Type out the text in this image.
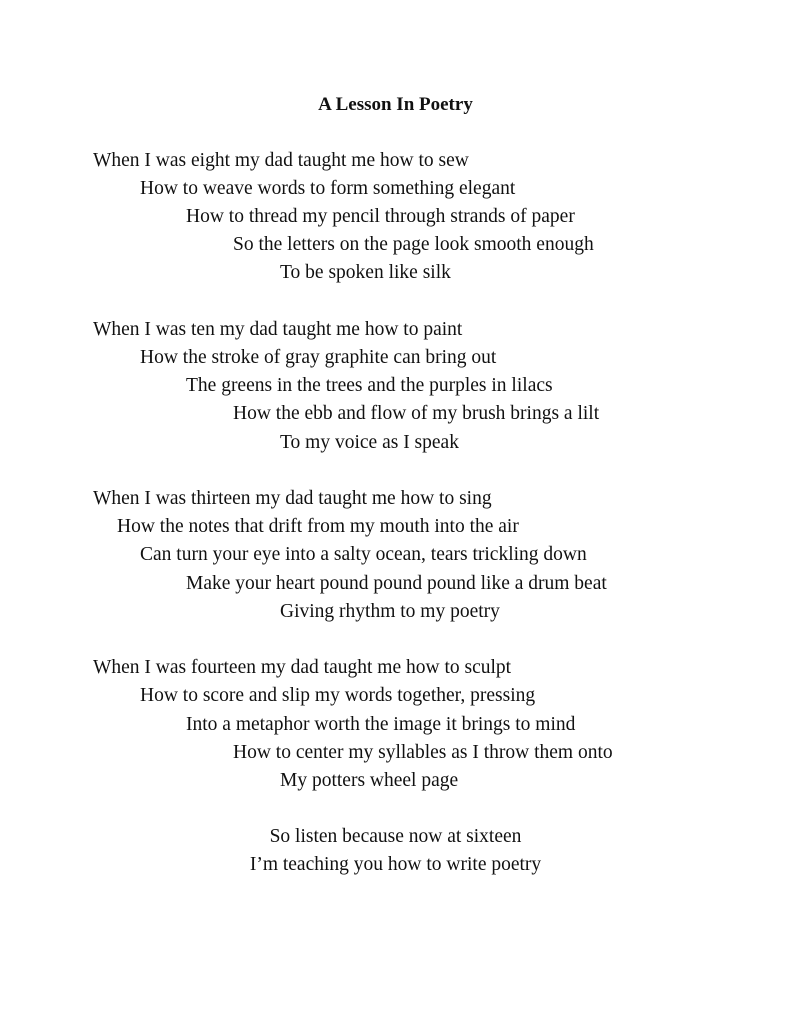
A Lesson In Poetry
When I was eight my dad taught me how to sew
How to weave words to form something elegant
How to thread my pencil through strands of paper
So the letters on the page look smooth enough
To be spoken like silk
When I was ten my dad taught me how to paint
How the stroke of gray graphite can bring out
The greens in the trees and the purples in lilacs
How the ebb and flow of my brush brings a lilt
To my voice as I speak
When I was thirteen my dad taught me how to sing
How the notes that drift from my mouth into the air
Can turn your eye into a salty ocean, tears trickling down
Make your heart pound pound pound like a drum beat
Giving rhythm to my poetry
When I was fourteen my dad taught me how to sculpt
How to score and slip my words together, pressing
Into a metaphor worth the image it brings to mind
How to center my syllables as I throw them onto
My potters wheel page
So listen because now at sixteen
I’m teaching you how to write poetry
